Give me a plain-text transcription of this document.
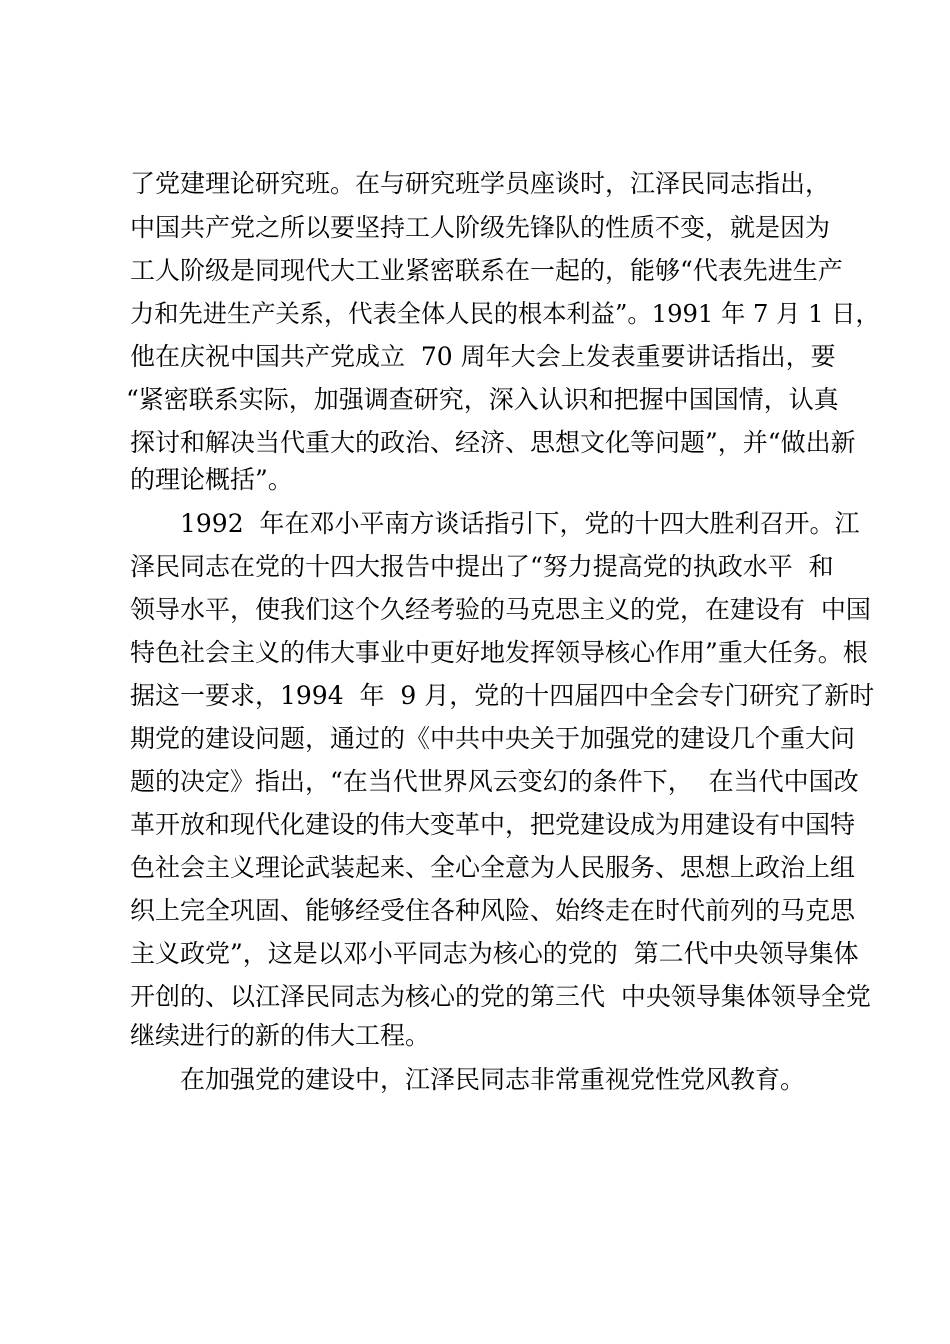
了党建理论研究班。在与研究班学员座谈时，江泽民同志指出，
中国共产党之所以要坚持工人阶级先锋队的性质不变，就是因为
工人阶级是同现代大工业紧密联系在一起的，能够“代表先进生产
力和先进生产关系，代表全体人民的根本利益”。1991 年 7 月 1 日，
他在庆祝中国共产党成立  70 周年大会上发表重要讲话指出，要
“紧密联系实际，加强调查研究，深入认识和把握中国国情，认真
探讨和解决当代重大的政治、经济、思想文化等问题”，并“做出新
的理论概括”。
1992  年在邓小平南方谈话指引下，党的十四大胜利召开。江
泽民同志在党的十四大报告中提出了“努力提高党的执政水平  和
领导水平，使我们这个久经考验的马克思主义的党，在建设有  中国
特色社会主义的伟大事业中更好地发挥领导核心作用”重大任务。根
据这一要求，1994  年  9 月，党的十四届四中全会专门研究了新时
期党的建设问题，通过的《中共中央关于加强党的建设几个重大问
题的决定》指出，“在当代世界风云变幻的条件下，  在当代中国改
革开放和现代化建设的伟大变革中，把党建设成为用建设有中国特
色社会主义理论武装起来、全心全意为人民服务、思想上政治上组
织上完全巩固、能够经受住各种风险、始终走在时代前列的马克思
主义政党”，这是以邓小平同志为核心的党的  第二代中央领导集体
开创的、以江泽民同志为核心的党的第三代  中央领导集体领导全党
继续进行的新的伟大工程。
在加强党的建设中，江泽民同志非常重视党性党风教育。
